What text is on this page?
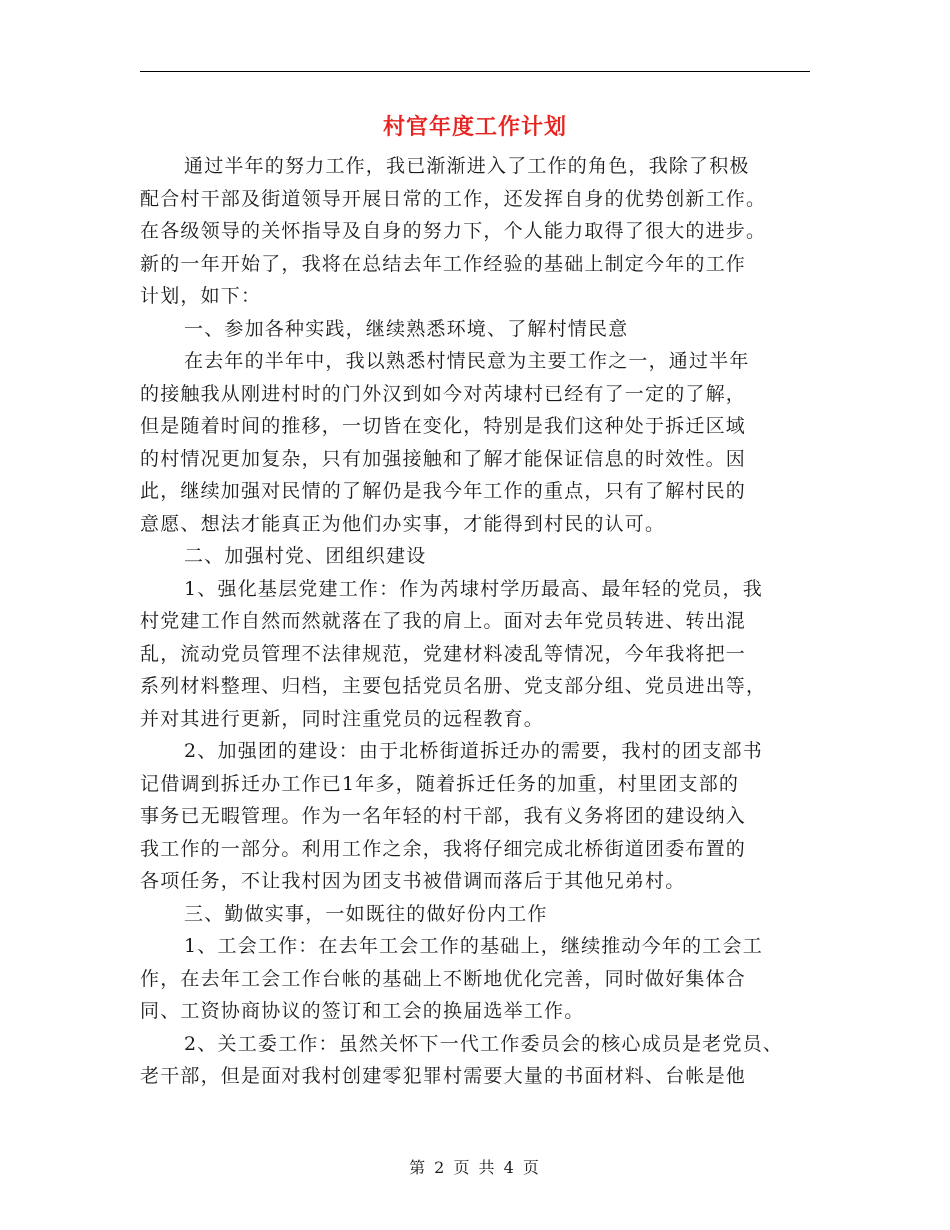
村官年度工作计划
通过半年的努力工作，我已渐渐进入了工作的角色，我除了积极
配合村干部及街道领导开展日常的工作，还发挥自身的优势创新工作。
在各级领导的关怀指导及自身的努力下，个人能力取得了很大的进步。
新的一年开始了，我将在总结去年工作经验的基础上制定今年的工作
计划，如下：
一、参加各种实践，继续熟悉环境、了解村情民意
在去年的半年中，我以熟悉村情民意为主要工作之一，通过半年
的接触我从刚进村时的门外汉到如今对芮埭村已经有了一定的了解，
但是随着时间的推移，一切皆在变化，特别是我们这种处于拆迁区域
的村情况更加复杂，只有加强接触和了解才能保证信息的时效性。因
此，继续加强对民情的了解仍是我今年工作的重点，只有了解村民的
意愿、想法才能真正为他们办实事，才能得到村民的认可。
二、加强村党、团组织建设
1、强化基层党建工作：作为芮埭村学历最高、最年轻的党员，我
村党建工作自然而然就落在了我的肩上。面对去年党员转进、转出混
乱，流动党员管理不法律规范，党建材料凌乱等情况，今年我将把一
系列材料整理、归档，主要包括党员名册、党支部分组、党员进出等，
并对其进行更新，同时注重党员的远程教育。
2、加强团的建设：由于北桥街道拆迁办的需要，我村的团支部书
记借调到拆迁办工作已1年多，随着拆迁任务的加重，村里团支部的
事务已无暇管理。作为一名年轻的村干部，我有义务将团的建设纳入
我工作的一部分。利用工作之余，我将仔细完成北桥街道团委布置的
各项任务，不让我村因为团支书被借调而落后于其他兄弟村。
三、勤做实事，一如既往的做好份内工作
1、工会工作：在去年工会工作的基础上，继续推动今年的工会工
作，在去年工会工作台帐的基础上不断地优化完善，同时做好集体合
同、工资协商协议的签订和工会的换届选举工作。
2、关工委工作：虽然关怀下一代工作委员会的核心成员是老党员、
老干部，但是面对我村创建零犯罪村需要大量的书面材料、台帐是他
第 2 页 共 4 页
